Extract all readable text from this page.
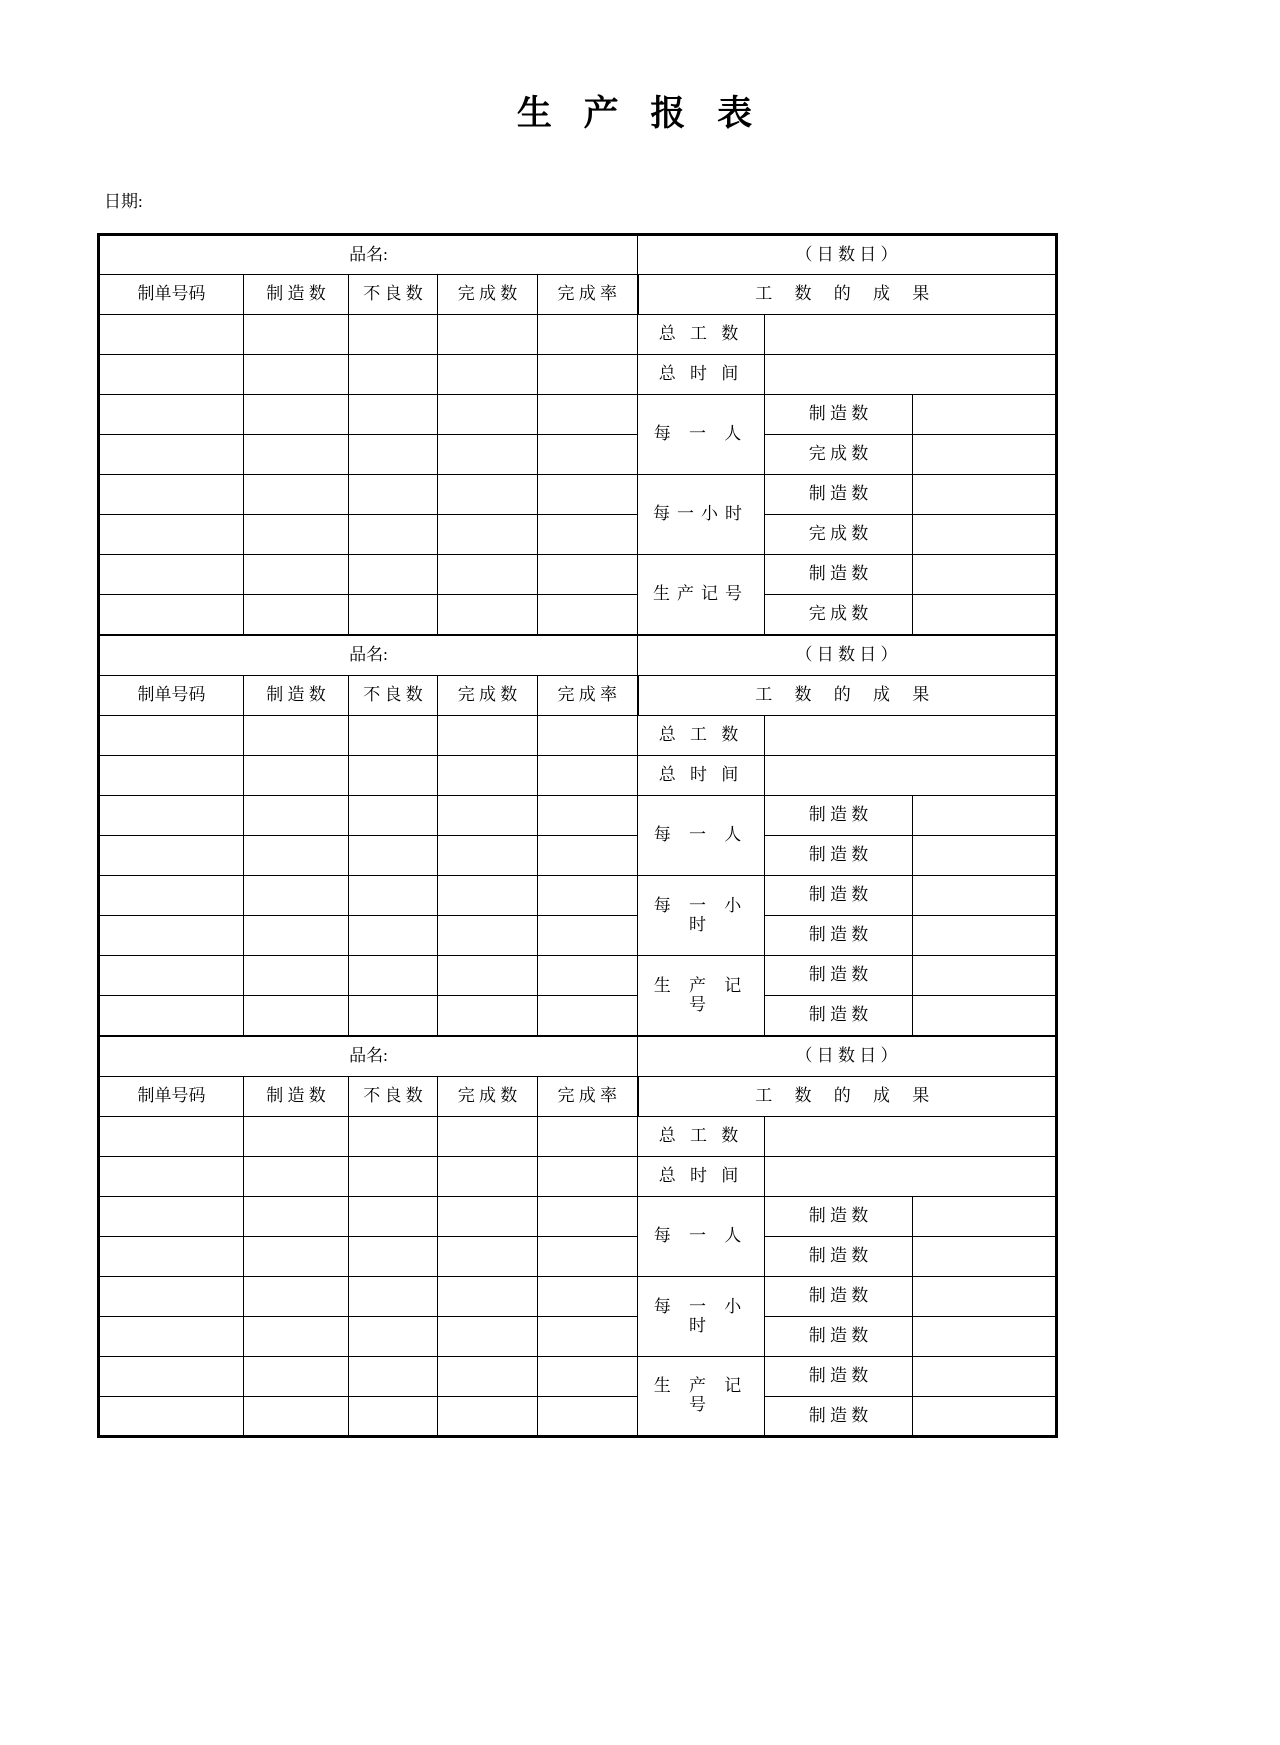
生 产 报 表
日期:
品名:					（ 日 数 日 ）		
制单号码	制 造 数	不 良 数	完 成 数	完 成 率	工 数 的 成 果		
					总 工 数		
					总 时 间		
					每 一 人	制 造 数	
						完 成 数	
					每一小时	制 造 数	
						完 成 数	
					生产记号	制 造 数	
						完 成 数	
品名:					（ 日 数 日 ）		
制单号码	制 造 数	不 良 数	完 成 数	完 成 率	工 数 的 成 果		
					总 工 数		
					总 时 间		
					每 一 人	制 造 数	
						制 造 数	
					每 一 小 时	制 造 数	
						制 造 数	
					生 产 记 号	制 造 数	
						制 造 数	
品名:					（ 日 数 日 ）		
制单号码	制 造 数	不 良 数	完 成 数	完 成 率	工 数 的 成 果		
					总 工 数		
					总 时 间		
					每 一 人	制 造 数	
						制 造 数	
					每 一 小 时	制 造 数	
						制 造 数	
					生 产 记 号	制 造 数	
						制 造 数	
